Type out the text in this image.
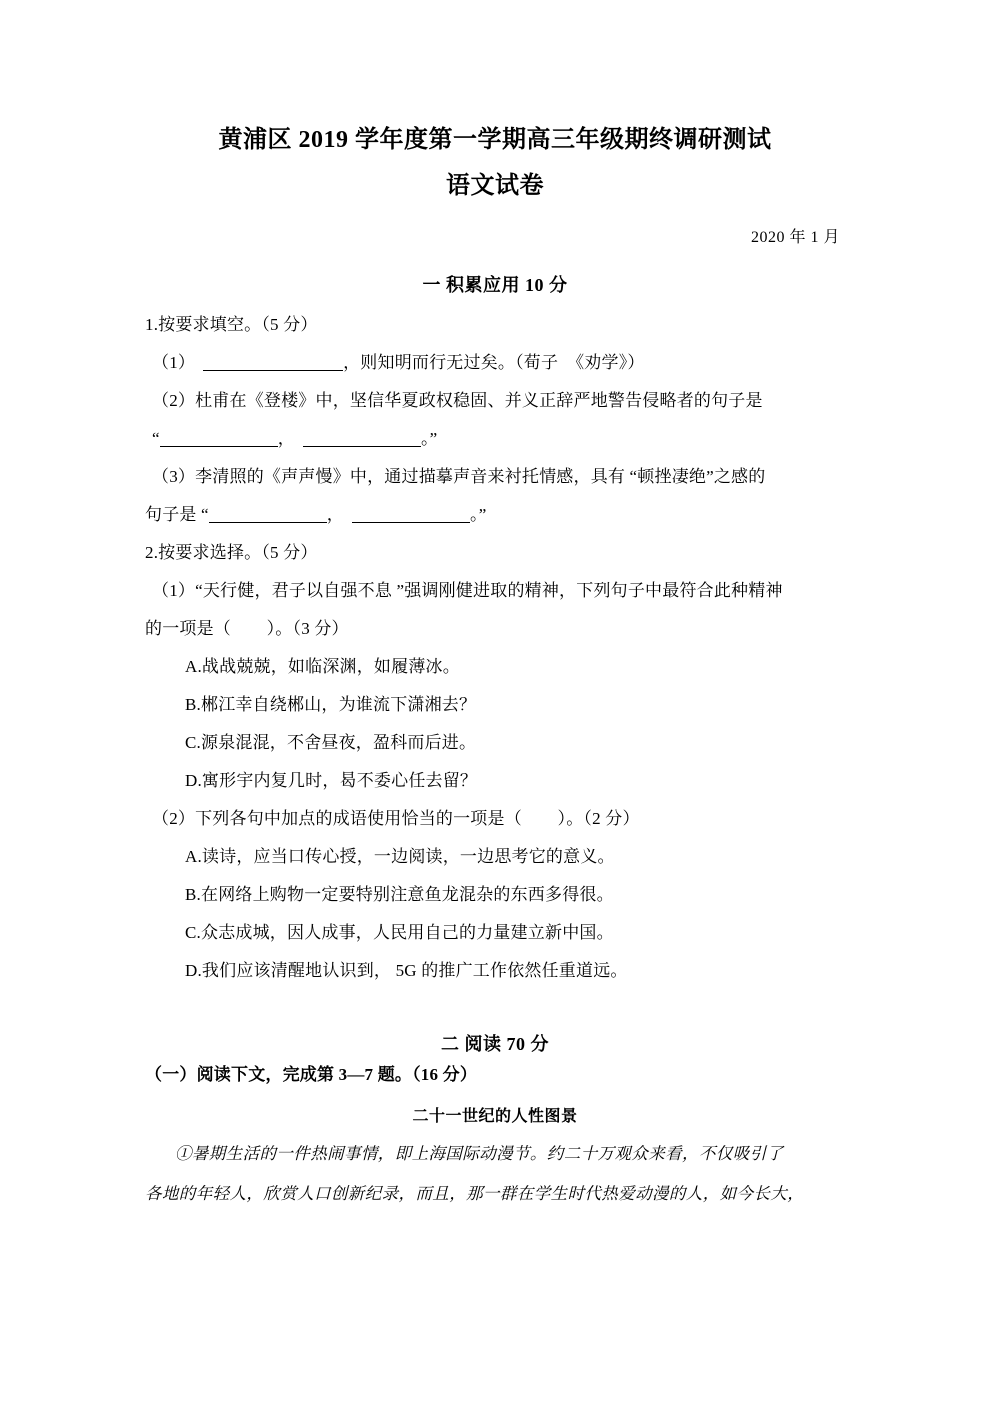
黄浦区 2019 学年度第一学期高三年级期终调研测试
语文试卷
2020 年 1 月
一 积累应用 10 分
1.按要求填空。（5 分）
（1）	，则知明而行无过矣。（荀子  《劝学》）
（2）杜甫在《登楼》中，坚信华夏政权稳固、并义正辞严地警告侵略者的句子是
“	，	。”
（3）李清照的《声声慢》中，通过描摹声音来衬托情感，具有 “顿挫凄绝”之感的
句子是 “	，	。”
2.按要求选择。（5 分）
（1）“天行健，君子以自强不息 ”强调刚健进取的精神，下列句子中最符合此种精神
的一项是（        ）。（3 分）
A.战战兢兢，如临深渊，如履薄冰。
B.郴江幸自绕郴山，为谁流下潇湘去？
C.源泉混混，不舍昼夜，盈科而后进。
D.寓形宇内复几时，曷不委心任去留？
（2）下列各句中加点的成语使用恰当的一项是（        ）。（2 分）
A.读诗，应当口传心授，一边阅读，一边思考它的意义。
B.在网络上购物一定要特别注意鱼龙混杂的东西多得很。
C.众志成城，因人成事，人民用自己的力量建立新中国。
D.我们应该清醒地认识到， 5G 的推广工作依然任重道远。
二 阅读 70 分
（一）阅读下文，完成第 3—7 题。（16 分）
二十一世纪的人性图景
①暑期生活的一件热闹事情，即上海国际动漫节。约二十万观众来看，不仅吸引了
各地的年轻人，欣赏人口创新纪录，而且，那一群在学生时代热爱动漫的人，如今长大，
